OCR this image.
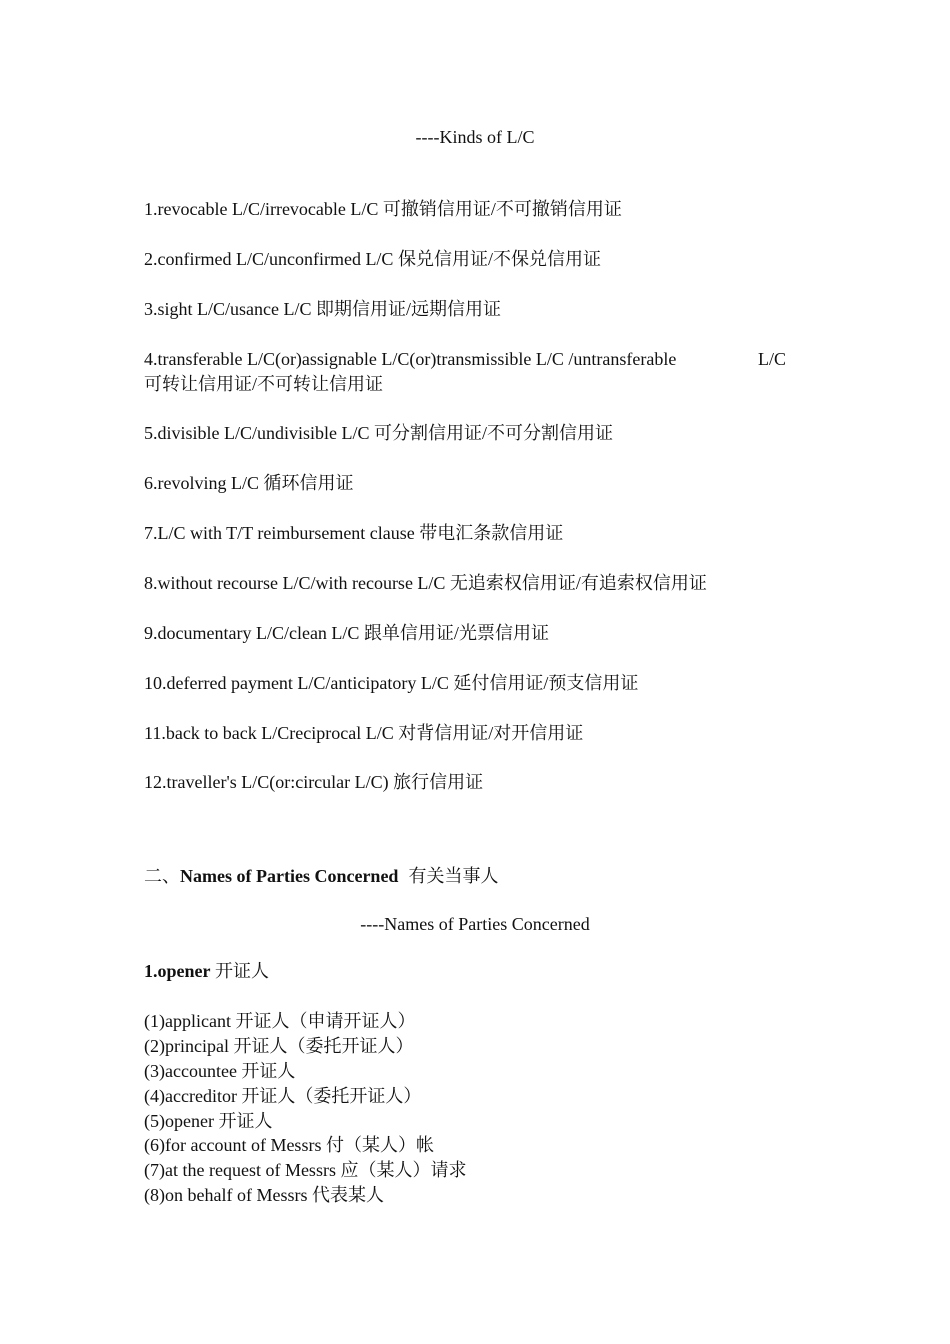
----Kinds of L/C
1.revocable L/C/irrevocable L/C 可撤销信用证/不可撤销信用证
2.confirmed L/C/unconfirmed L/C 保兑信用证/不保兑信用证
3.sight L/C/usance L/C 即期信用证/远期信用证
4.transferable L/C(or)assignable L/C(or)transmissible L/C /untransferable	L/C
可转让信用证/不可转让信用证
5.divisible L/C/undivisible L/C 可分割信用证/不可分割信用证
6.revolving L/C 循环信用证
7.L/C with T/T reimbursement clause 带电汇条款信用证
8.without recourse L/C/with recourse L/C 无追索权信用证/有追索权信用证
9.documentary L/C/clean L/C 跟单信用证/光票信用证
10.deferred payment L/C/anticipatory L/C 延付信用证/预支信用证
11.back to back L/Creciprocal L/C 对背信用证/对开信用证
12.traveller's L/C(or:circular L/C) 旅行信用证
二、Names of Parties Concerned 有关当事人
----Names of Parties Concerned
1.opener 开证人
(1)applicant 开证人（申请开证人）
(2)principal 开证人（委托开证人）
(3)accountee 开证人
(4)accreditor 开证人（委托开证人）
(5)opener 开证人
(6)for account of Messrs 付（某人）帐
(7)at the request of Messrs 应（某人）请求
(8)on behalf of Messrs 代表某人
